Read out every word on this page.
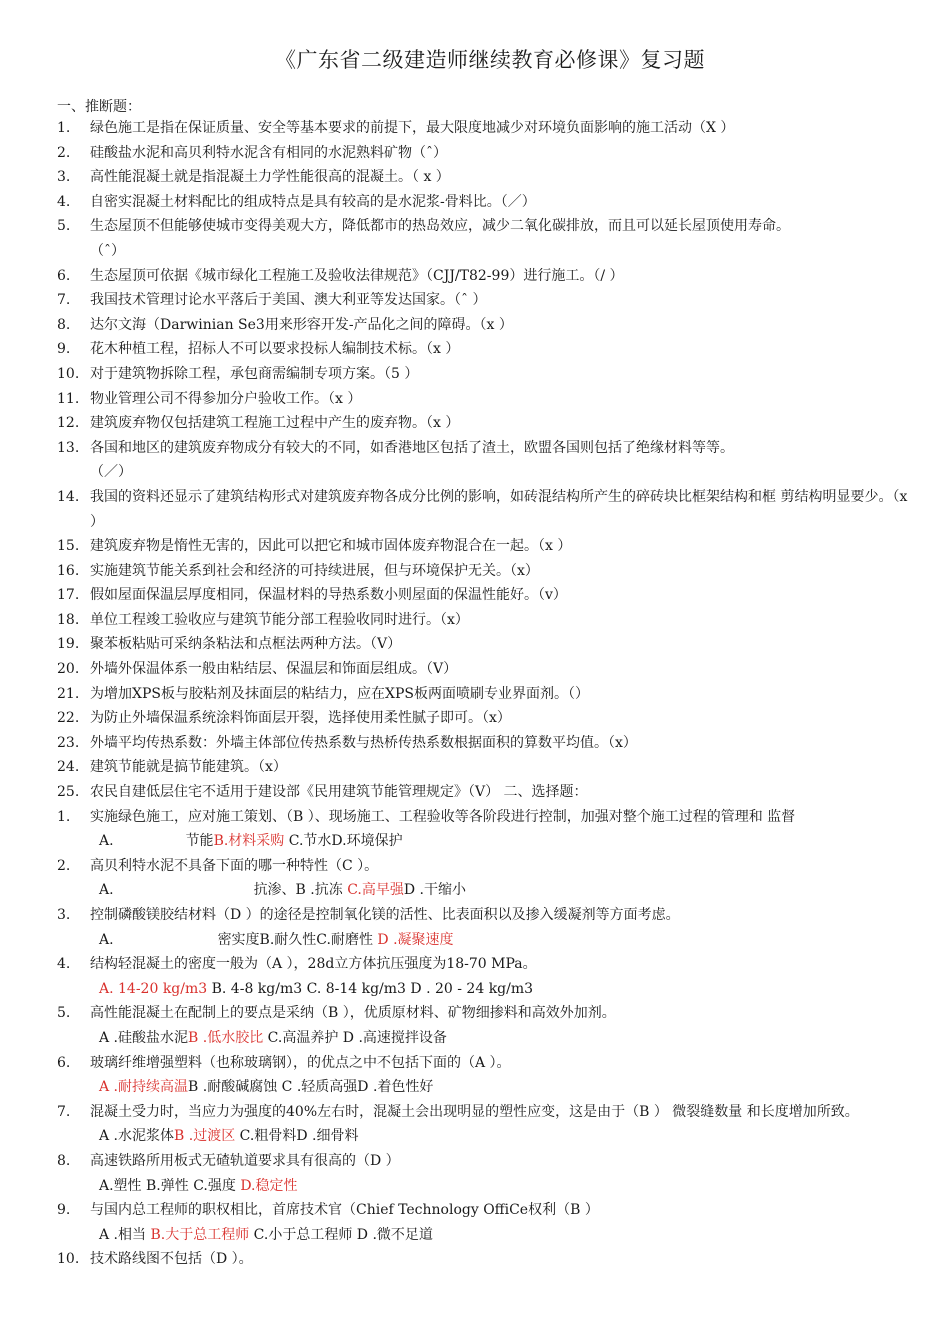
《广东省二级建造师继续教育必修课》复习题
一、推断题：
1.	绿色施工是指在保证质量、安全等基本要求的前提下，最大限度地减少对环境负面影响的施工活动（X ）
2.	硅酸盐水泥和高贝利特水泥含有相同的水泥熟料矿物（ˆ）
3.	高性能混凝土就是指混凝土力学性能很高的混凝土。（ x ）
4.	自密实混凝土材料配比的组成特点是具有较高的是水泥浆-骨料比。（／）
5.	生态屋顶不但能够使城市变得美观大方，降低都市的热岛效应，减少二氧化碳排放，而且可以延长屋顶使用寿命。
（ˆ）
6.	生态屋顶可依据《城市绿化工程施工及验收法律规范》（CJJ/T82-99）进行施工。（/ ）
7.	我国技术管理讨论水平落后于美国、澳大利亚等发达国家。（ˆ ）
8.	达尔文海（Darwinian Se3用来形容开发-产品化之间的障碍。（x ）
9.	花木种植工程，招标人不可以要求投标人编制技术标。（x ）
10. 对于建筑物拆除工程，承包商需编制专项方案。（5 ）
11. 物业管理公司不得参加分户验收工作。（x ）
12. 建筑废弃物仅包括建筑工程施工过程中产生的废弃物。（x ）
13. 各国和地区的建筑废弃物成分有较大的不同，如香港地区包括了渣土，欧盟各国则包括了绝缘材料等等。
（／）
14. 我国的资料还显示了建筑结构形式对建筑废弃物各成分比例的影响，如砖混结构所产生的碎砖块比框架结构和框 剪结构明显要少。（x ）
15. 建筑废弃物是惰性无害的，因此可以把它和城市固体废弃物混合在一起。（x ）
16. 实施建筑节能关系到社会和经济的可持续进展，但与环境保护无关。（x）
17. 假如屋面保温层厚度相同，保温材料的导热系数小则屋面的保温性能好。（v）
18. 单位工程竣工验收应与建筑节能分部工程验收同时进行。（x）
19. 聚苯板粘贴可采纳条粘法和点框法两种方法。（V）
20. 外墙外保温体系一般由粘结层、保温层和饰面层组成。（V）
21. 为增加XPS板与胶粘剂及抹面层的粘结力，应在XPS板两面喷刷专业界面剂。（）
22. 为防止外墙保温系统涂料饰面层开裂，选择使用柔性腻子即可。（x）
23. 外墙平均传热系数：外墙主体部位传热系数与热桥传热系数根据面积的算数平均值。（x）
24. 建筑节能就是搞节能建筑。（x）
25. 农民自建低层住宅不适用于建设部《民用建筑节能管理规定》（V） 二、选择题：
1.	实施绿色施工，应对施工策划、（B ）、现场施工、工程验收等各阶段进行控制，加强对整个施工过程的管理和 监督
A.	节能B.材料采购 C.节水D.环境保护
2.	高贝利特水泥不具备下面的哪一种特性（C ）。
A.	抗渗、B .抗冻 C.高早强D .干缩小
3.	控制磷酸镁胶结材料（D ）的途径是控制氧化镁的活性、比表面积以及掺入缓凝剂等方面考虑。
A.	密实度B.耐久性C.耐磨性 D .凝聚速度
4.	结构轻混凝土的密度一般为（A ），28d立方体抗压强度为18-70 MPa。
A. 14-20 kg/m3 B. 4-8 kg/m3 C. 8-14 kg/m3 D . 20 - 24 kg/m3
5.	高性能混凝土在配制上的要点是采纳（B ），优质原材料、矿物细掺料和高效外加剂。
A .硅酸盐水泥B .低水胶比 C.高温养护 D .高速搅拌设备
6.	玻璃纤维增强塑料（也称玻璃钢），的优点之中不包括下面的（A ）。
A .耐持续高温B .耐酸碱腐蚀 C .轻质高强D .着色性好
7.	混凝土受力时，当应力为强度的40%左右时，混凝土会出现明显的塑性应变，这是由于（B ） 微裂缝数量 和长度增加所致。
A .水泥浆体B .过渡区 C.粗骨料D .细骨料
8.	高速铁路所用板式无碴轨道要求具有很高的（D ）
A.塑性 B.弹性 C.强度 D.稳定性
9.	与国内总工程师的职权相比，首席技术官（Chief Technology OffiCe权利（B ）
A .相当 B.大于总工程师 C.小于总工程师 D .微不足道
10. 技术路线图不包括（D ）。
